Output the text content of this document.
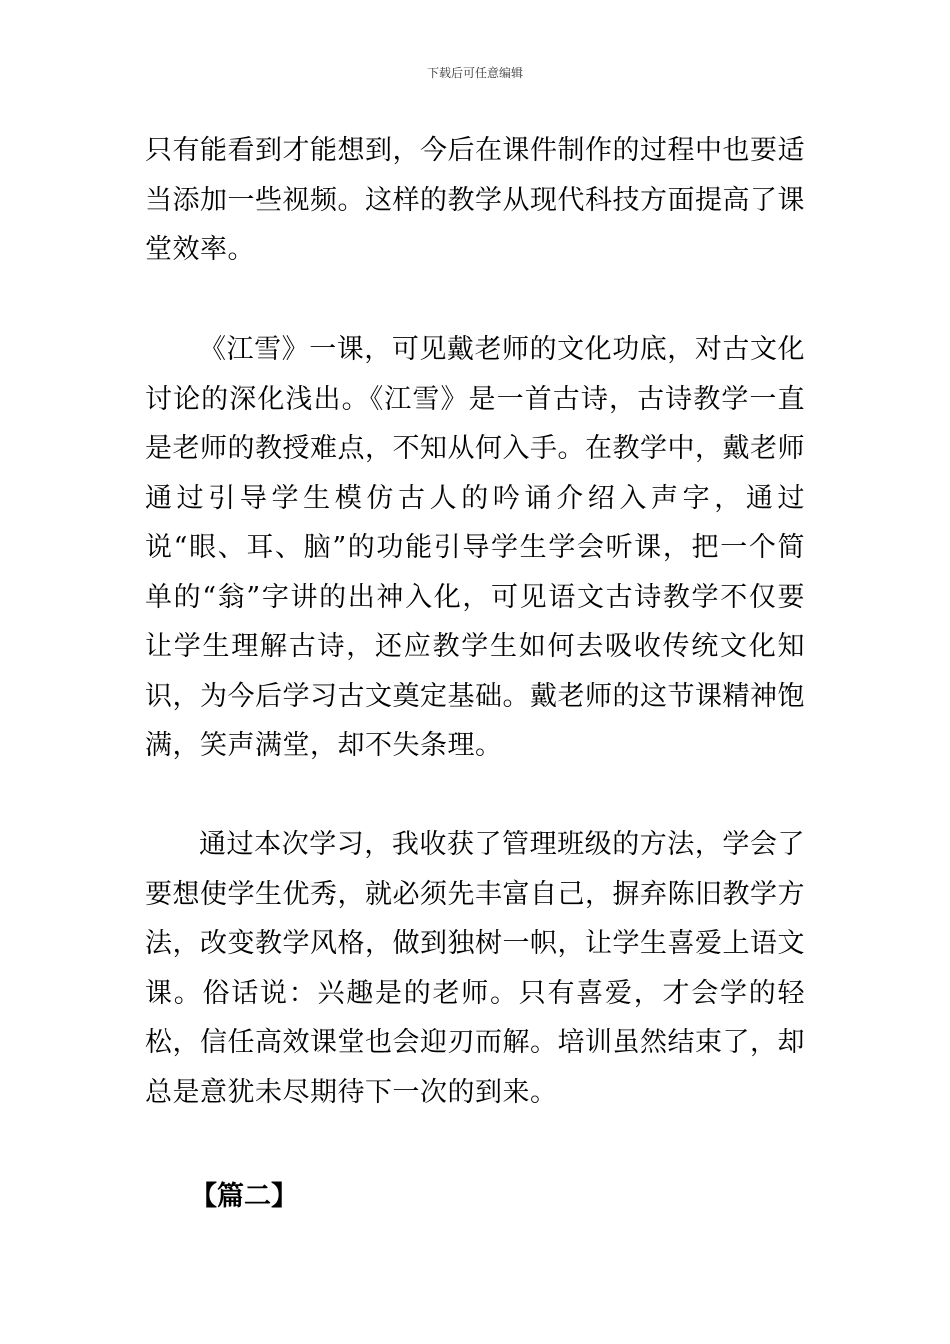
下载后可任意编辑

只有能看到才能想到，今后在课件制作的过程中也要适当添加一些视频。这样的教学从现代科技方面提高了课堂效率。

《江雪》一课，可见戴老师的文化功底，对古文化讨论的深化浅出。《江雪》是一首古诗，古诗教学一直是老师的教授难点，不知从何入手。在教学中，戴老师通过引导学生模仿古人的吟诵介绍入声字，通过说“眼、耳、脑”的功能引导学生学会听课，把一个简单的“翁”字讲的出神入化，可见语文古诗教学不仅要让学生理解古诗，还应教学生如何去吸收传统文化知识，为今后学习古文奠定基础。戴老师的这节课精神饱满，笑声满堂，却不失条理。

通过本次学习，我收获了管理班级的方法，学会了要想使学生优秀，就必须先丰富自己，摒弃陈旧教学方法，改变教学风格，做到独树一帜，让学生喜爱上语文课。俗话说：兴趣是的老师。只有喜爱，才会学的轻松，信任高效课堂也会迎刃而解。培训虽然结束了，却总是意犹未尽期待下一次的到来。

【篇二】
